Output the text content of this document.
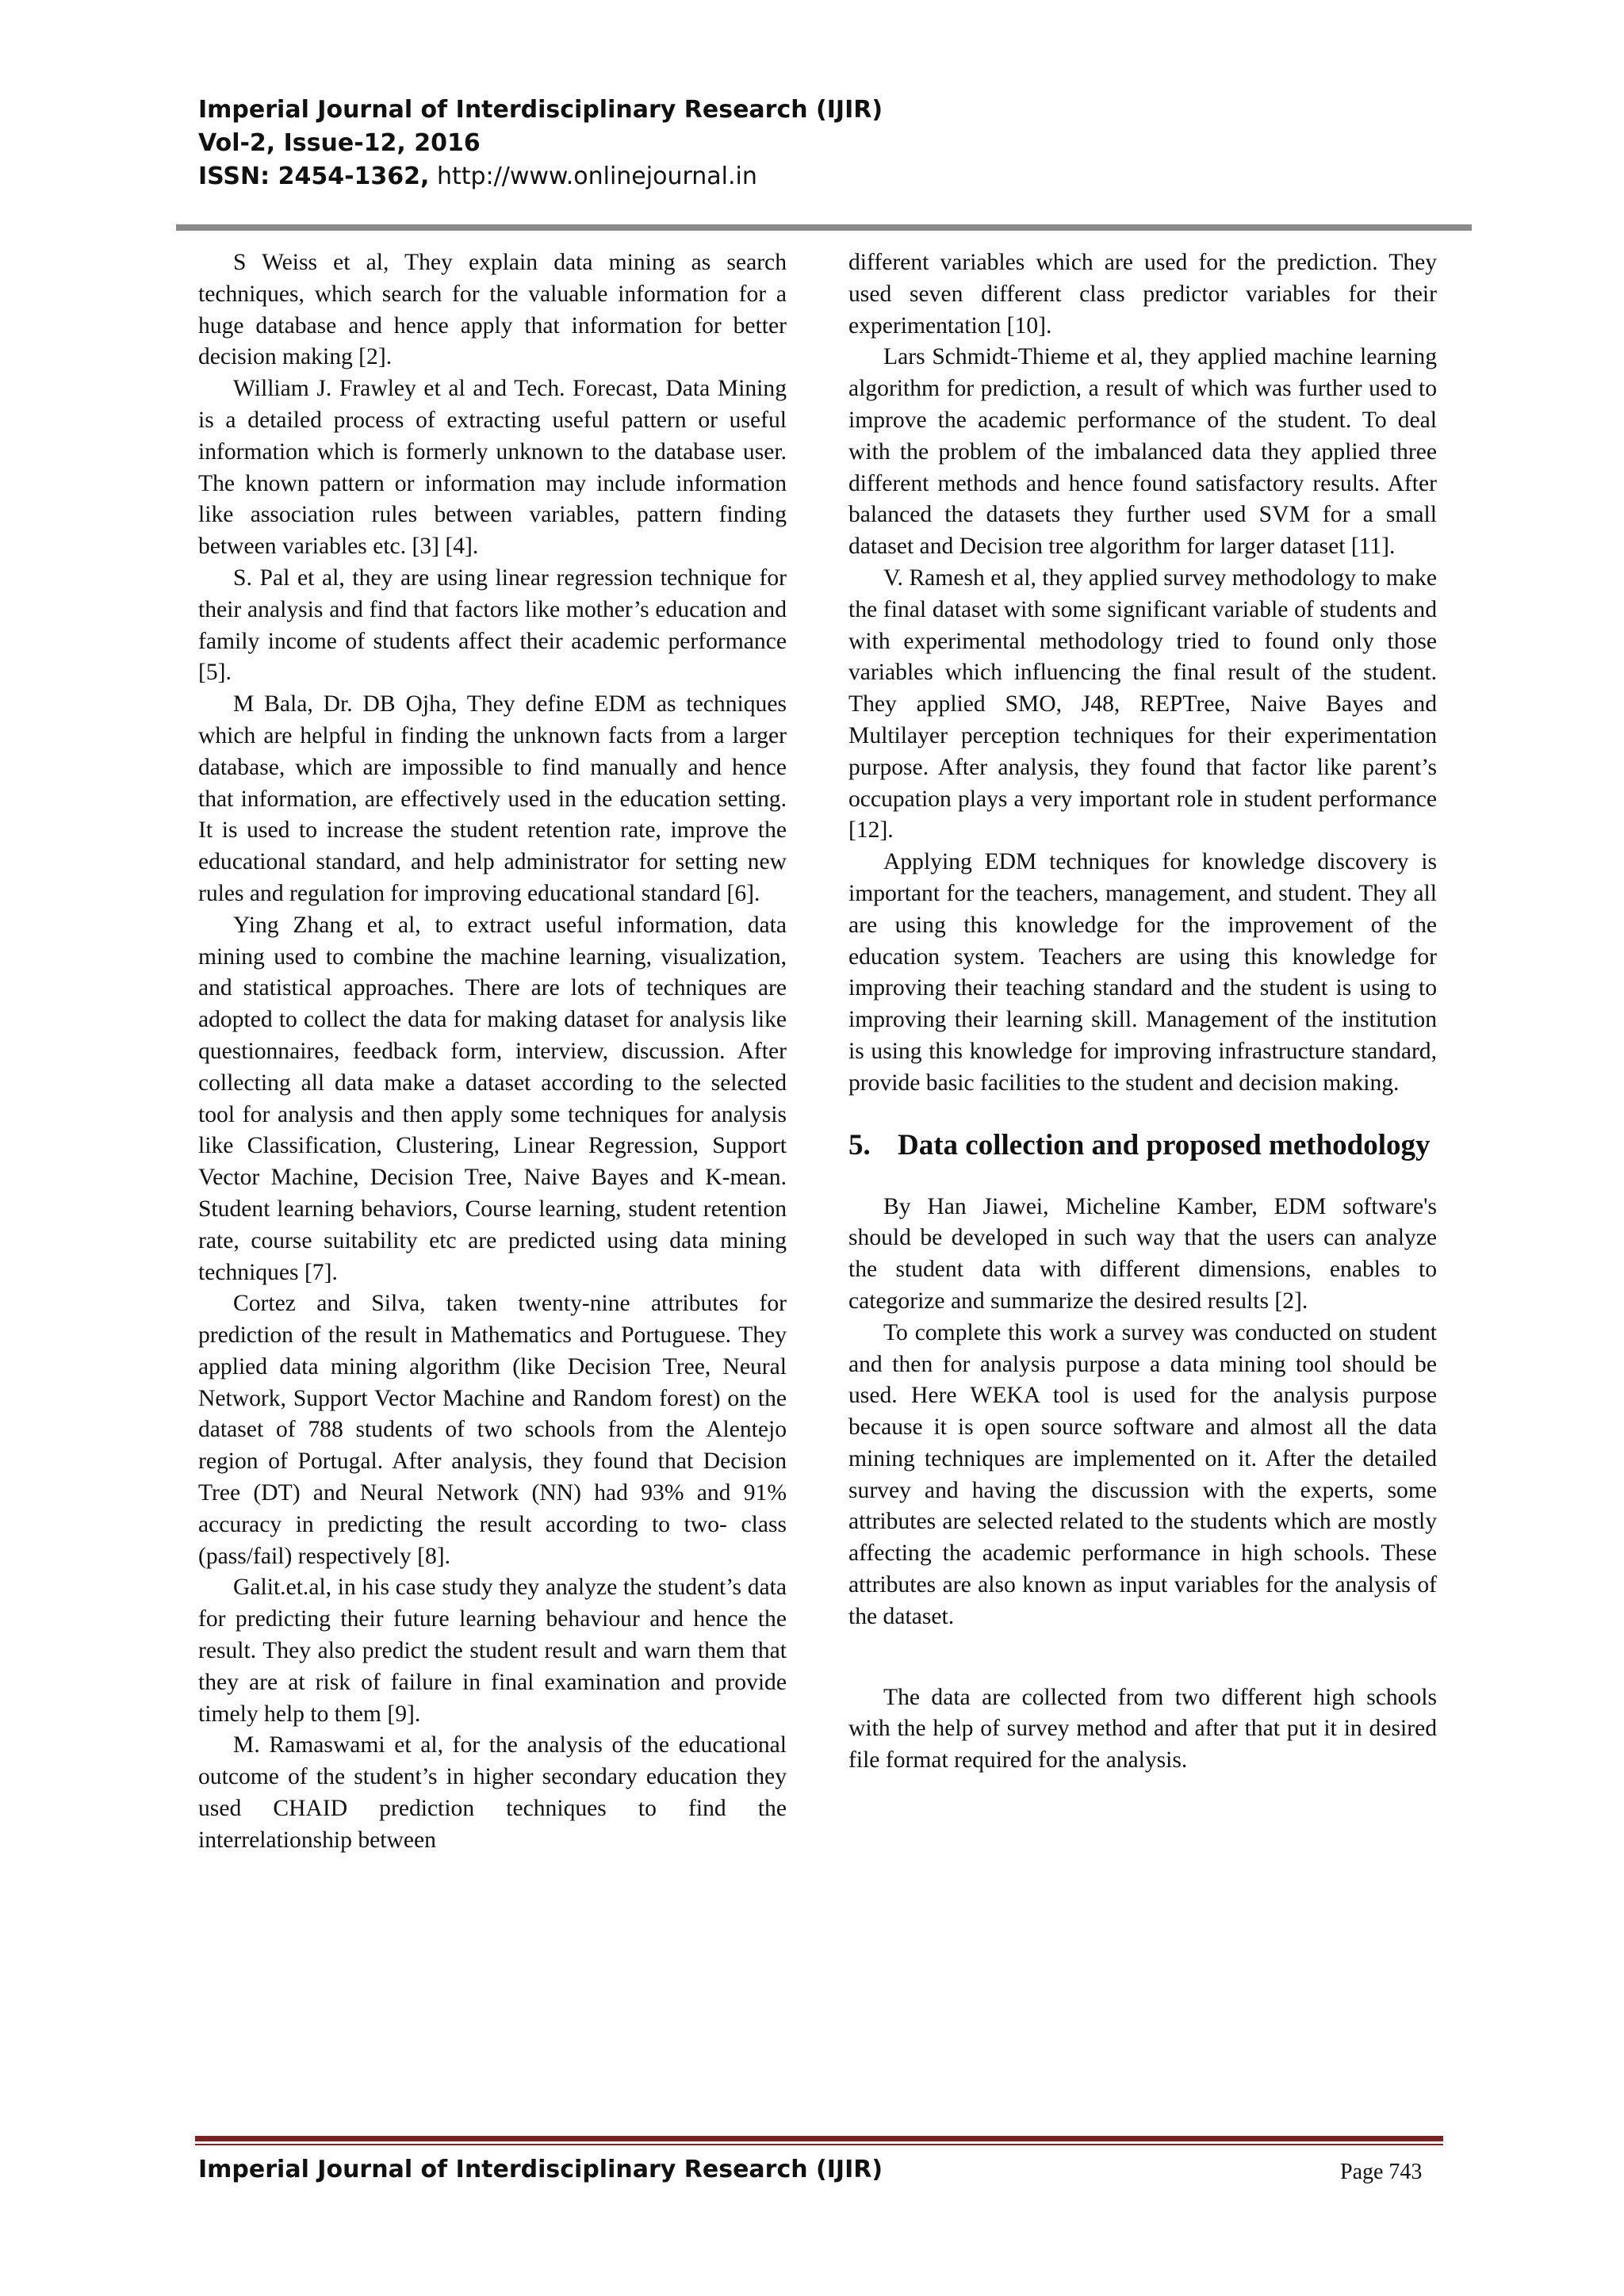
Imperial Journal of Interdisciplinary Research (IJIR)
Vol-2, Issue-12, 2016
ISSN: 2454-1362, http://www.onlinejournal.in

S Weiss et al, They explain data mining as search techniques, which search for the valuable information for a huge database and hence apply that information for better decision making [2].

William J. Frawley et al and Tech. Forecast, Data Mining is a detailed process of extracting useful pattern or useful information which is formerly unknown to the database user. The known pattern or information may include information like association rules between variables, pattern finding between variables etc. [3] [4].

S. Pal et al, they are using linear regression technique for their analysis and find that factors like mother’s education and family income of students affect their academic performance [5].

M Bala, Dr. DB Ojha, They define EDM as techniques which are helpful in finding the unknown facts from a larger database, which are impossible to find manually and hence that information, are effectively used in the education setting. It is used to increase the student retention rate, improve the educational standard, and help administrator for setting new rules and regulation for improving educational standard [6].

Ying Zhang et al, to extract useful information, data mining used to combine the machine learning, visualization, and statistical approaches. There are lots of techniques are adopted to collect the data for making dataset for analysis like questionnaires, feedback form, interview, discussion. After collecting all data make a dataset according to the selected tool for analysis and then apply some techniques for analysis like Classification, Clustering, Linear Regression, Support Vector Machine, Decision Tree, Naive Bayes and K-mean. Student learning behaviors, Course learning, student retention rate, course suitability etc are predicted using data mining techniques [7].

Cortez and Silva, taken twenty-nine attributes for prediction of the result in Mathematics and Portuguese. They applied data mining algorithm (like Decision Tree, Neural Network, Support Vector Machine and Random forest) on the dataset of 788 students of two schools from the Alentejo region of Portugal. After analysis, they found that Decision Tree (DT) and Neural Network (NN) had 93% and 91% accuracy in predicting the result according to two- class (pass/fail) respectively [8].

Galit.et.al, in his case study they analyze the student’s data for predicting their future learning behaviour and hence the result. They also predict the student result and warn them that they are at risk of failure in final examination and provide timely help to them [9].

M. Ramaswami et al, for the analysis of the educational outcome of the student’s in higher secondary education they used CHAID prediction techniques to find the interrelationship between

different variables which are used for the prediction. They used seven different class predictor variables for their experimentation [10].

Lars Schmidt-Thieme et al, they applied machine learning algorithm for prediction, a result of which was further used to improve the academic performance of the student. To deal with the problem of the imbalanced data they applied three different methods and hence found satisfactory results. After balanced the datasets they further used SVM for a small dataset and Decision tree algorithm for larger dataset [11].

V. Ramesh et al, they applied survey methodology to make the final dataset with some significant variable of students and with experimental methodology tried to found only those variables which influencing the final result of the student. They applied SMO, J48, REPTree, Naive Bayes and Multilayer perception techniques for their experimentation purpose. After analysis, they found that factor like parent’s occupation plays a very important role in student performance [12].

Applying EDM techniques for knowledge discovery is important for the teachers, management, and student. They all are using this knowledge for the improvement of the education system. Teachers are using this knowledge for improving their teaching standard and the student is using to improving their learning skill. Management of the institution is using this knowledge for improving infrastructure standard, provide basic facilities to the student and decision making.

5. Data collection and proposed methodology

By Han Jiawei, Micheline Kamber, EDM software's should be developed in such way that the users can analyze the student data with different dimensions, enables to categorize and summarize the desired results [2].

To complete this work a survey was conducted on student and then for analysis purpose a data mining tool should be used. Here WEKA tool is used for the analysis purpose because it is open source software and almost all the data mining techniques are implemented on it. After the detailed survey and having the discussion with the experts, some attributes are selected related to the students which are mostly affecting the academic performance in high schools. These attributes are also known as input variables for the analysis of the dataset.

The data are collected from two different high schools with the help of survey method and after that put it in desired file format required for the analysis.

Imperial Journal of Interdisciplinary Research (IJIR)	Page 743
